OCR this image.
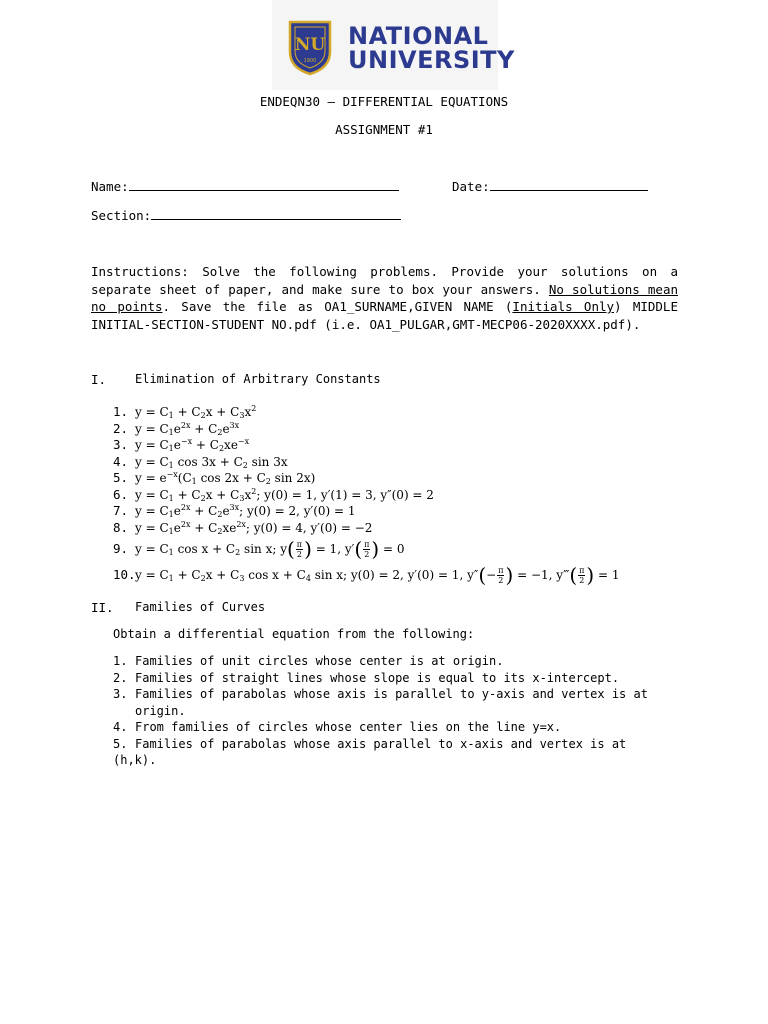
NU
1900
NATIONAL
UNIVERSITY
ENDEQN30 – DIFFERENTIAL EQUATIONS
ASSIGNMENT #1
Name:	Date:
Section:
Instructions: Solve the following problems. Provide your solutions on a separate sheet of paper, and make sure to box your answers. No solutions mean no points. Save the file as OA1_SURNAME,GIVEN NAME (Initials Only) MIDDLE INITIAL-SECTION-STUDENT NO.pdf (i.e. OA1_PULGAR,GMT-MECP06-2020XXXX.pdf).
I. Elimination of Arbitrary Constants
1. $y = C_1 + C_2x + C_3x^2$
2. $y = C_1e^{2x} + C_2e^{3x}$
3. $y = C_1e^{-x} + C_2xe^{-x}$
4. $y = C_1$ $\cos 3x + C_2$ sin 3x
5. $y = e^{-x}(C_1$ $\cos 2x + C_2$ sin 2x)
6. $y = C_1 + C_2x + C_3x^2$; y(0) = 1, y′(1) = 3, y″(0) = 2
7. $y = C_1e^{2x} + C_2e^{3x}$; y(0) = 2, y′(0) = 1
8. $y = C_1e^{2x} + C_2xe^{2x}$; y(0) = 4, y′(0) = −2
9. $y = C_1$ $\cos x + C_2$ sin x; $y( \frac{\pi}{2}$ ) = 1, $y'( \frac{\pi}{2}$ ) = 0
$10.y = C_1 + C_2x + C_3$ $\cos x + C_4$ sin x; y(0) = 2, y′(0) = 1, $y''(- \frac{\pi}{2}$ ) = −1, y‴( $\frac{\pi}{2}$ ) = 1
II. Families of Curves
Obtain a differential equation from the following:
1. Families of unit circles whose center is at origin.
2. Families of straight lines whose slope is equal to its x-intercept.
3. Families of parabolas whose axis is parallel to y-axis and vertex is at
origin.
4. From families of circles whose center lies on the line y=x.
5. Families of parabolas whose axis parallel to x-axis and vertex is at (h,k).
